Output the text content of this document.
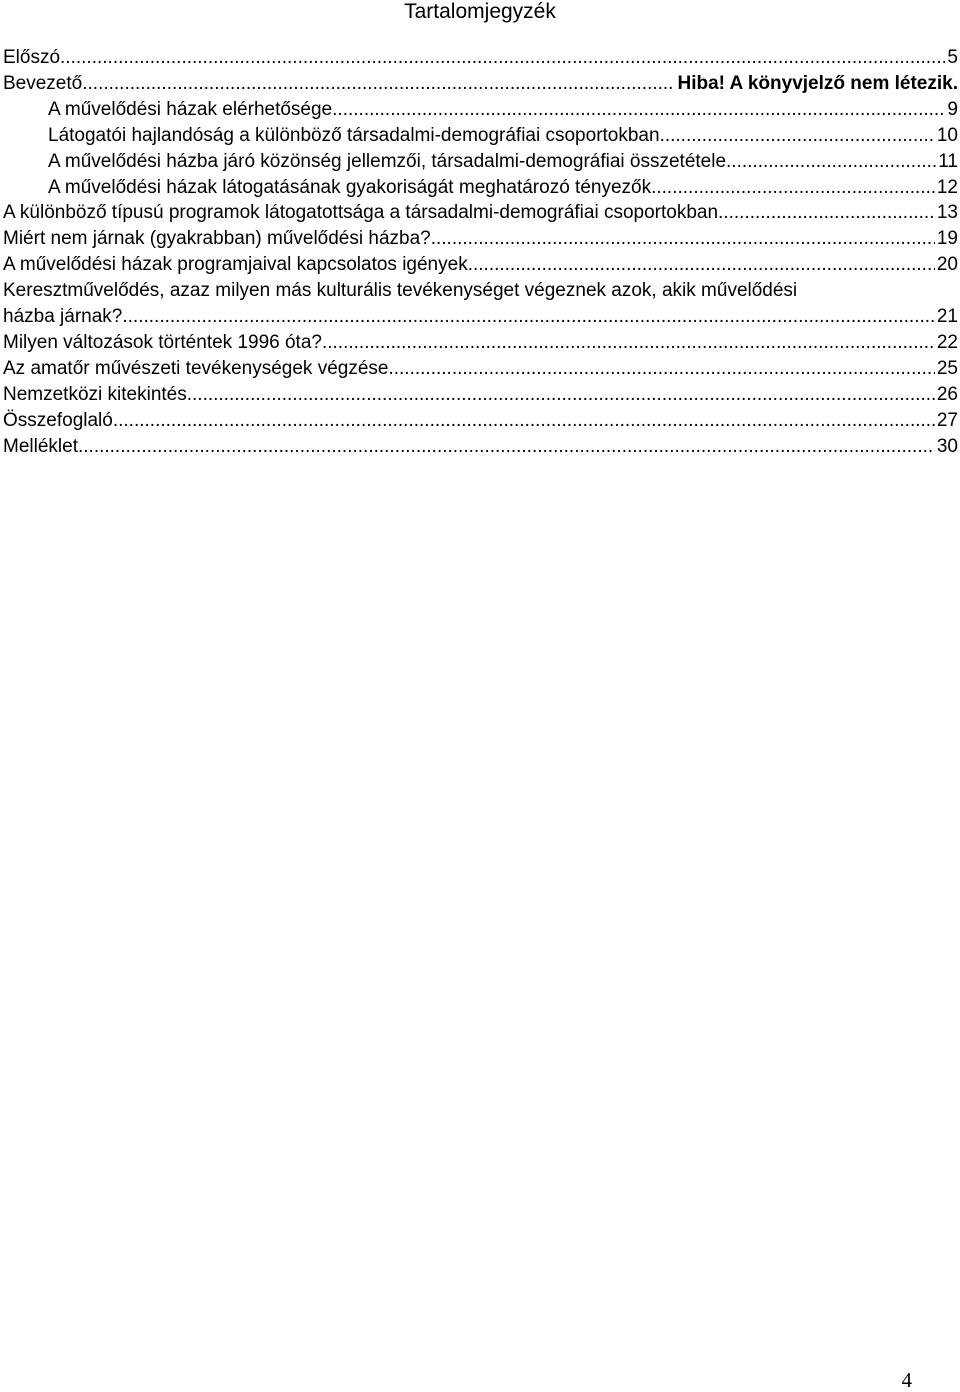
Tartalomjegyzék
Előszó .....	5
Bevezető .....	Hiba! A könyvjelző nem létezik.
A művelődési házak elérhetősége .....	9
Látogatói hajlandóság a különböző társadalmi-demográfiai csoportokban .....	10
A művelődési házba járó közönség jellemzői, társadalmi-demográfiai összetétele .....	11
A művelődési házak látogatásának gyakoriságát meghatározó tényezők .....	12
A különböző típusú programok látogatottsága a társadalmi-demográfiai csoportokban .....	13
Miért nem járnak (gyakrabban) művelődési házba? .....	19
A művelődési házak programjaival kapcsolatos igények .....	20
Keresztművelődés, azaz milyen más kulturális tevékenységet végeznek azok, akik művelődési
házba járnak? .....	21
Milyen változások történtek 1996 óta? .....	22
Az amatőr művészeti tevékenységek végzése .....	25
Nemzetközi kitekintés .....	26
Összefoglaló .....	27
Melléklet .....	30
4
